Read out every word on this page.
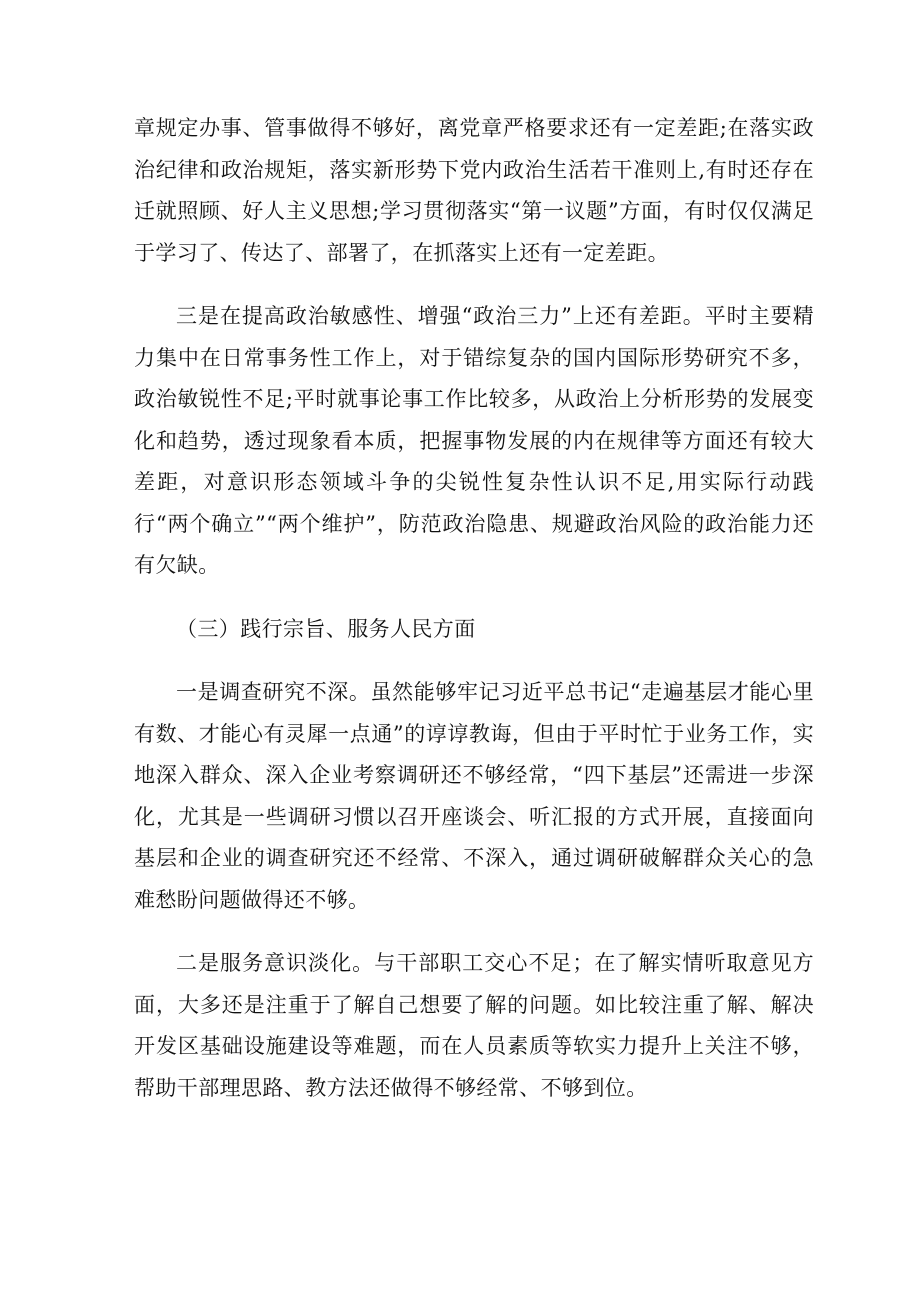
章规定办事、管事做得不够好，离党章严格要求还有一定差距;在落实政治纪律和政治规矩，落实新形势下党内政治生活若干准则上,有时还存在迁就照顾、好人主义思想;学习贯彻落实“第一议题”方面，有时仅仅满足于学习了、传达了、部署了，在抓落实上还有一定差距。

三是在提高政治敏感性、增强“政治三力”上还有差距。平时主要精力集中在日常事务性工作上，对于错综复杂的国内国际形势研究不多，政治敏锐性不足;平时就事论事工作比较多，从政治上分析形势的发展变化和趋势，透过现象看本质，把握事物发展的内在规律等方面还有较大差距，对意识形态领域斗争的尖锐性复杂性认识不足,用实际行动践行“两个确立”“两个维护”，防范政治隐患、规避政治风险的政治能力还有欠缺。

（三）践行宗旨、服务人民方面

一是调查研究不深。虽然能够牢记习近平总书记“走遍基层才能心里有数、才能心有灵犀一点通”的谆谆教诲，但由于平时忙于业务工作，实地深入群众、深入企业考察调研还不够经常，“四下基层”还需进一步深化，尤其是一些调研习惯以召开座谈会、听汇报的方式开展，直接面向基层和企业的调查研究还不经常、不深入，通过调研破解群众关心的急难愁盼问题做得还不够。

二是服务意识淡化。与干部职工交心不足；在了解实情听取意见方面，大多还是注重于了解自己想要了解的问题。如比较注重了解、解决开发区基础设施建设等难题，而在人员素质等软实力提升上关注不够，帮助干部理思路、教方法还做得不够经常、不够到位。
